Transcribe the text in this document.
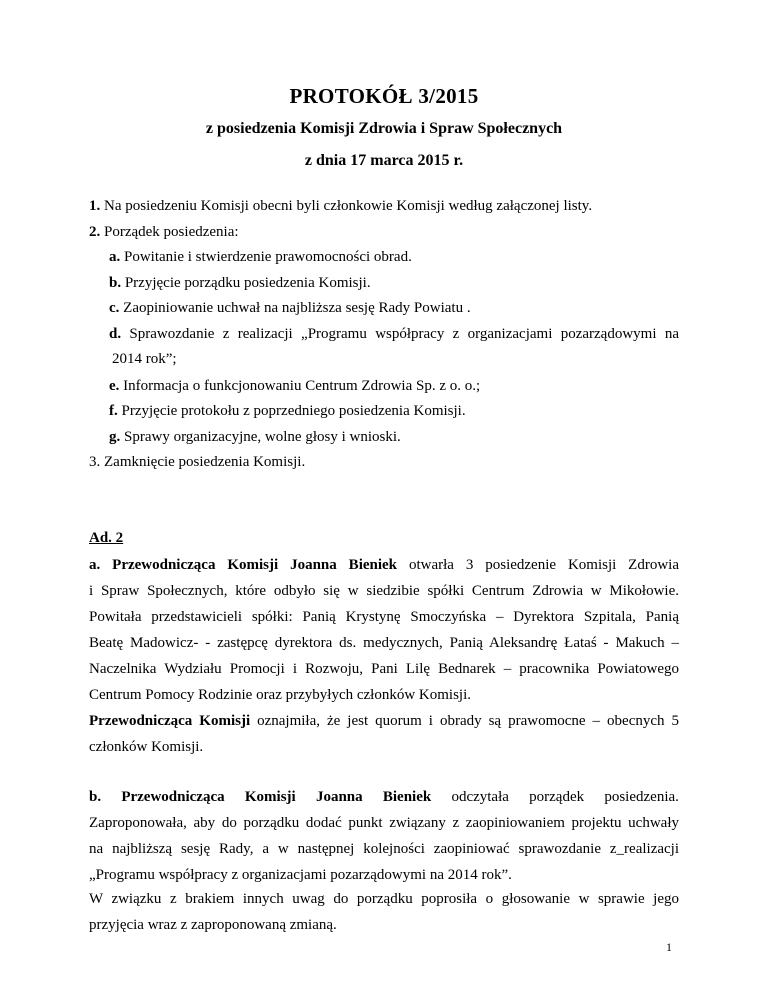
PROTOKÓŁ 3/2015
z posiedzenia Komisji Zdrowia i Spraw Społecznych
z dnia 17 marca 2015 r.
1. Na posiedzeniu Komisji obecni byli członkowie Komisji według załączonej listy.
2. Porządek posiedzenia:
a. Powitanie i stwierdzenie prawomocności obrad.
b. Przyjęcie porządku posiedzenia Komisji.
c. Zaopiniowanie uchwał na najbliższa sesję Rady Powiatu .
d. Sprawozdanie z realizacji „Programu współpracy z organizacjami pozarządowymi na
2014 rok”;
e. Informacja o funkcjonowaniu Centrum Zdrowia Sp. z o. o.;
f. Przyjęcie protokołu z poprzedniego posiedzenia Komisji.
g. Sprawy organizacyjne, wolne głosy i wnioski.
3. Zamknięcie posiedzenia Komisji.
Ad. 2
a. Przewodnicząca Komisji Joanna Bieniek otwarła 3 posiedzenie Komisji Zdrowia
i Spraw Społecznych, które odbyło się w siedzibie spółki Centrum Zdrowia w Mikołowie.
Powitała przedstawicieli spółki: Panią Krystynę Smoczyńska – Dyrektora Szpitala, Panią
Beatę Madowicz- - zastępcę dyrektora ds. medycznych, Panią Aleksandrę Łataś - Makuch –
Naczelnika Wydziału Promocji i Rozwoju, Pani Lilę Bednarek – pracownika Powiatowego
Centrum Pomocy Rodzinie oraz przybyłych członków Komisji.
Przewodnicząca Komisji oznajmiła, że jest quorum i obrady są prawomocne – obecnych 5
członków Komisji.
b. Przewodnicząca Komisji Joanna Bieniek odczytała porządek posiedzenia.
Zaproponowała, aby do porządku dodać punkt związany z zaopiniowaniem projektu uchwały
na najbliższą sesję Rady, a w następnej kolejności zaopiniować sprawozdanie z_realizacji
„Programu współpracy z organizacjami pozarządowymi na 2014 rok”.
W związku z brakiem innych uwag do porządku poprosiła o głosowanie w sprawie jego
przyjęcia wraz z zaproponowaną zmianą.
1
